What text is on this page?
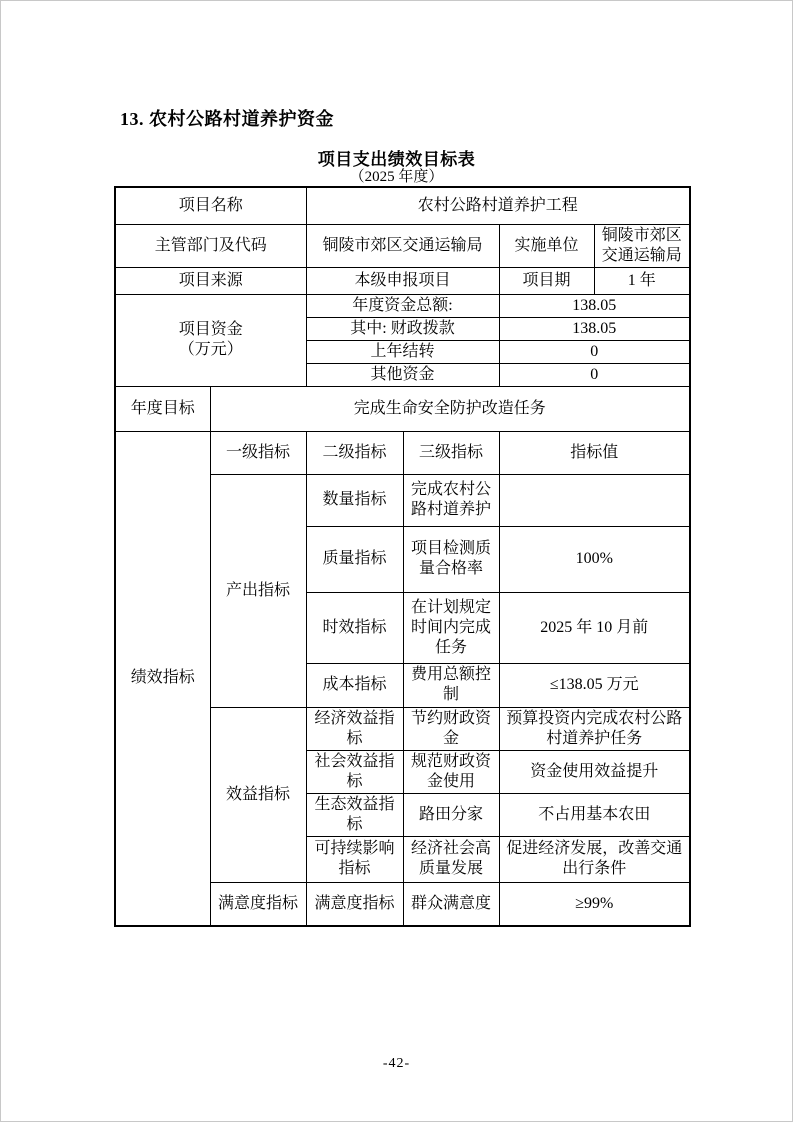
13. 农村公路村道养护资金
项目支出绩效目标表
（2025 年度）
项目名称		农村公路村道养护工程			
主管部门及代码		铜陵市郊区交通运输局		实施单位	铜陵市郊区交通运输局
项目来源		本级申报项目		项目期	1 年
项目资金
（万元）		年度资金总额:		138.05	
		其中: 财政拨款		138.05	
		上年结转		0	
		其他资金		0	
年度目标	完成生命安全防护改造任务				
绩效指标	一级指标	二级指标	三级指标	指标值	
	产出指标	数量指标	完成农村公路村道养护		
		质量指标	项目检测质量合格率	100%	
		时效指标	在计划规定时间内完成任务	2025 年 10 月前	
		成本指标	费用总额控制	≤138.05 万元	
	效益指标	经济效益指标	节约财政资金	预算投资内完成农村公路村道养护任务	
		社会效益指标	规范财政资金使用	资金使用效益提升	
		生态效益指标	路田分家	不占用基本农田	
		可持续影响指标	经济社会高质量发展	促进经济发展，改善交通出行条件	
	满意度指标	满意度指标	群众满意度	≥99%	
-42-
